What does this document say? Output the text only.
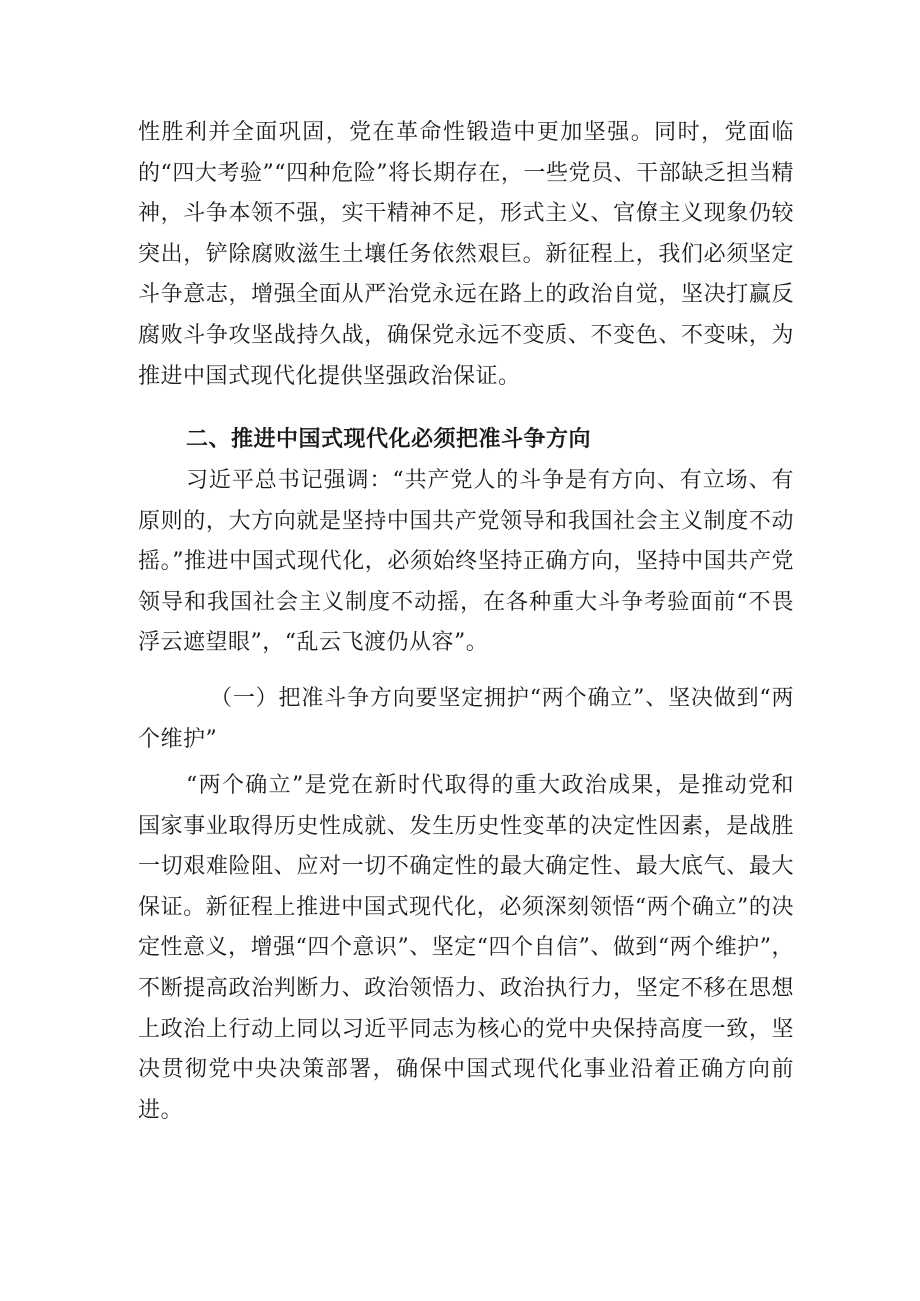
性胜利并全面巩固，党在革命性锻造中更加坚强。同时，党面临的“四大考验”“四种危险”将长期存在，一些党员、干部缺乏担当精神，斗争本领不强，实干精神不足，形式主义、官僚主义现象仍较突出，铲除腐败滋生土壤任务依然艰巨。新征程上，我们必须坚定斗争意志，增强全面从严治党永远在路上的政治自觉，坚决打赢反腐败斗争攻坚战持久战，确保党永远不变质、不变色、不变味，为推进中国式现代化提供坚强政治保证。

二、推进中国式现代化必须把准斗争方向

习近平总书记强调：“共产党人的斗争是有方向、有立场、有原则的，大方向就是坚持中国共产党领导和我国社会主义制度不动摇。”推进中国式现代化，必须始终坚持正确方向，坚持中国共产党领导和我国社会主义制度不动摇，在各种重大斗争考验面前“不畏浮云遮望眼”，“乱云飞渡仍从容”。

（一）把准斗争方向要坚定拥护“两个确立”、坚决做到“两个维护”

“两个确立”是党在新时代取得的重大政治成果，是推动党和国家事业取得历史性成就、发生历史性变革的决定性因素，是战胜一切艰难险阻、应对一切不确定性的最大确定性、最大底气、最大保证。新征程上推进中国式现代化，必须深刻领悟“两个确立”的决定性意义，增强“四个意识”、坚定“四个自信”、做到“两个维护”，不断提高政治判断力、政治领悟力、政治执行力，坚定不移在思想上政治上行动上同以习近平同志为核心的党中央保持高度一致，坚决贯彻党中央决策部署，确保中国式现代化事业沿着正确方向前进。
